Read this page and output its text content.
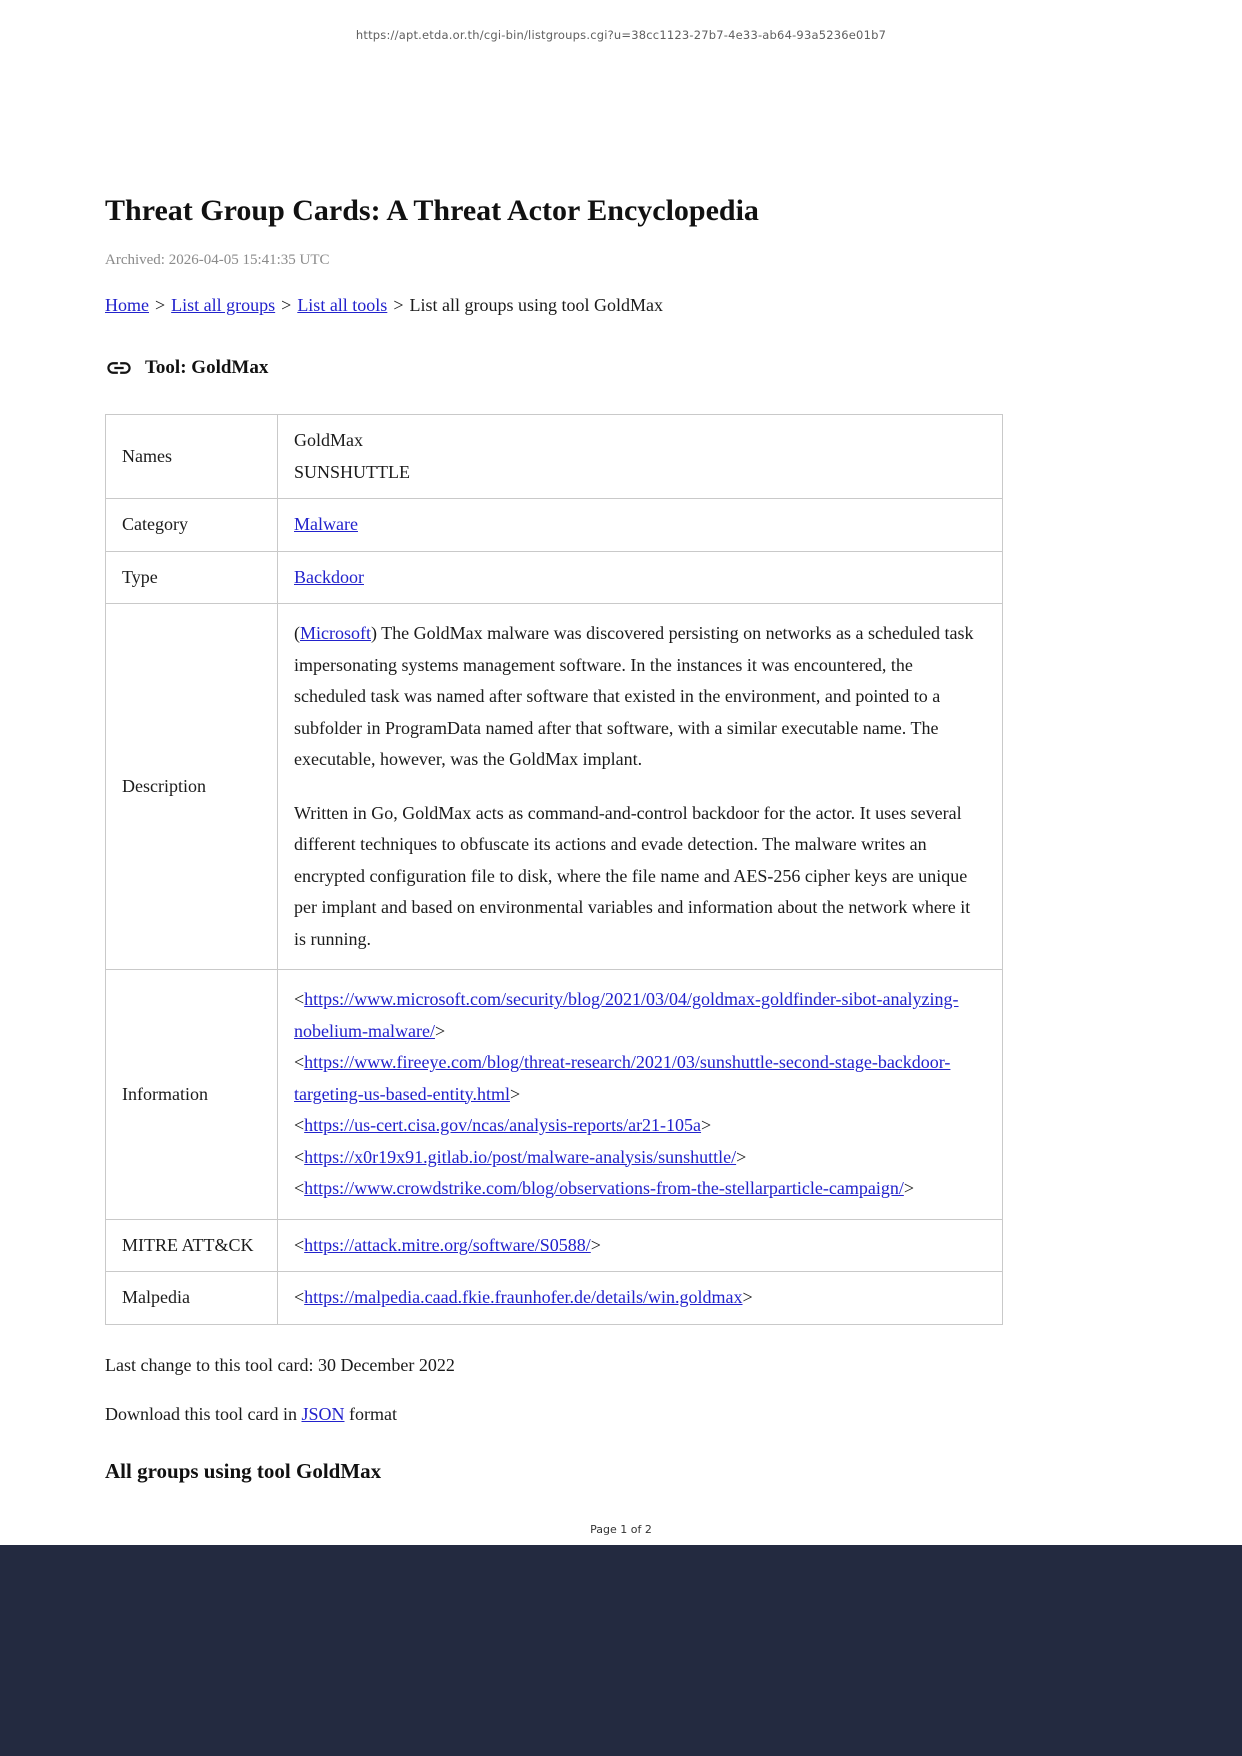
https://apt.etda.or.th/cgi-bin/listgroups.cgi?u=38cc1123-27b7-4e33-ab64-93a5236e01b7
Threat Group Cards: A Threat Actor Encyclopedia
Archived: 2026-04-05 15:41:35 UTC
Home > List all groups > List all tools > List all groups using tool GoldMax
Tool: GoldMax
Names	GoldMax
SUNSHUTTLE

Category	Malware
Type	Backdoor
Description	(Microsoft) The GoldMax malware was discovered persisting on networks as a scheduled task impersonating systems management software. In the instances it was encountered, the scheduled task was named after software that existed in the environment, and pointed to a subfolder in ProgramData named after that software, with a similar executable name. The executable, however, was the GoldMax implant.

Written in Go, GoldMax acts as command-and-control backdoor for the actor. It uses several different techniques to obfuscate its actions and evade detection. The malware writes an encrypted configuration file to disk, where the file name and AES-256 cipher keys are unique per implant and based on environmental variables and information about the network where it is running.

Information	<https://www.microsoft.com/security/blog/2021/03/04/goldmax-goldfinder-sibot-analyzing-nobelium-malware/>
<https://www.fireeye.com/blog/threat-research/2021/03/sunshuttle-second-stage-backdoor-targeting-us-based-entity.html>
<https://us-cert.cisa.gov/ncas/analysis-reports/ar21-105a>
<https://x0r19x91.gitlab.io/post/malware-analysis/sunshuttle/>
<https://www.crowdstrike.com/blog/observations-from-the-stellarparticle-campaign/>

MITRE ATT&CK	<https://attack.mitre.org/software/S0588/>
Malpedia	<https://malpedia.caad.fkie.fraunhofer.de/details/win.goldmax>
Last change to this tool card: 30 December 2022
Download this tool card in JSON format
All groups using tool GoldMax
Page 1 of 2
